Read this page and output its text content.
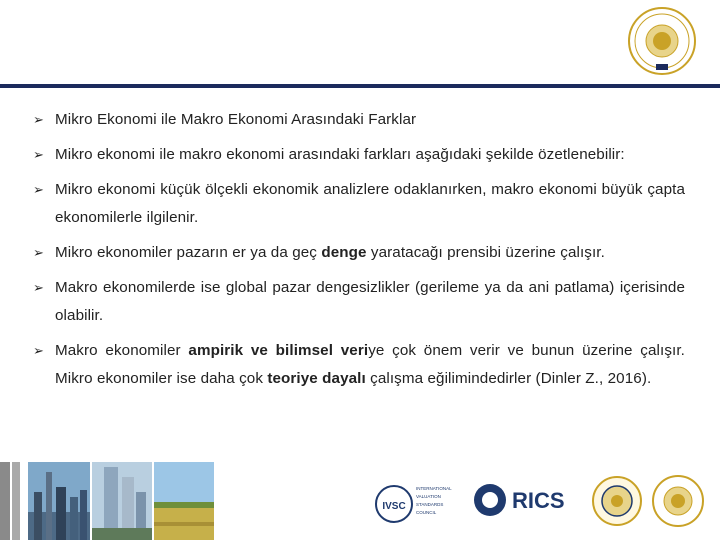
➢ Mikro Ekonomi ile Makro Ekonomi Arasındaki Farklar
➢ Mikro ekonomi ile makro ekonomi arasındaki farkları aşağıdaki şekilde özetlenebilir:
➢ Mikro ekonomi küçük ölçekli ekonomik analizlere odaklanırken, makro ekonomi büyük çapta ekonomilerle ilgilenir.
➢ Mikro ekonomiler pazarın er ya da geç denge yaratacağı prensibi üzerine çalışır.
➢ Makro ekonomilerde ise global pazar dengesizlikler (gerileme ya da ani patlama) içerisinde olabilir.
➢ Makro ekonomiler ampirik ve bilimsel veriye çok önem verir ve bunun üzerine çalışır. Mikro ekonomiler ise daha çok teoriye dayalı çalışma eğilimindedirler (Dinler Z., 2016).
IVSC
INTERNATIONAL
VALUATION
STANDARDS
COUNCIL	RICS
